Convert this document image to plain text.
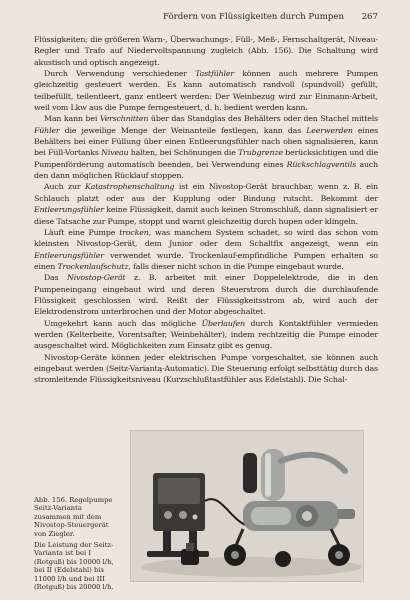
Fördern von Flüssigkeiten durch Pumpen 267

Flüssigkeiten; die größeren Warn-, Überwachungs-, Füll-, Meß-, Fernschaltgerät, Niveau-Regler und Trafo auf Niedervoltspannung zugleich (Abb. 156). Die Schaltung wird akustisch und optisch angezeigt.

Durch Verwendung verschiedener Tastfühler können auch mehrere Pumpen gleichzeitig gesteuert werden. Es kann automatisch randvoll (spundvoll) gefüllt, teilbefüllt, teilentleert, ganz entleert werden: Der Weinbezug wird zur Einmann-Arbeit, weil vom Lkw aus die Pumpe ferngesteuert, d. h. bedient werden kann.

Man kann bei Verschnitten über das Standglas des Behälters oder den Stachel mittels Fühler die jeweilige Menge der Weinanteile festlegen, kann das Leerwerden eines Behälters bei einer Füllung über einen Entleerungsfühler nach oben signalisieren, kann bei Füll-Vortanks Niveau halten, bei Schönungen die Trubgrenze berücksichtigen und die Pumpenförderung automatisch beenden, bei Verwendung eines Rückschlagventils auch den dann möglichen Rücklauf stoppen.

Auch zur Katastrophenschaltung ist ein Nivostop-Gerät brauchbar, wenn z. B. ein Schlauch platzt oder aus der Kupplung oder Bindung rutscht. Bekommt der Entleerungsfühler keine Flüssigkeit, damit auch keinen Stromschluß, dann signalisiert er diese Tatsache zur Pumpe, stoppt und warnt gleichzeitig durch hupen oder klingeln.

Läuft eine Pumpe trocken, was manchem System schadet, so wird das schon vom kleinsten Nivostop-Gerät, dem Junior oder dem Schaltfix angezeigt, wenn ein Entleerungsfühler verwendet wurde. Trockenlauf-empfindliche Pumpen erhalten so einen Trockenlaufschutz, falls dieser nicht schon in die Pumpe eingebaut wurde.

Das Nivostop-Gerät z. B. arbeitet mit einer Doppelelektrode, die in den Pumpeneingang eingebaut wird und deren Steuerstrom durch die durchlaufende Flüssigkeit geschlossen wird. Reißt der Flüssigkeitsstrom ab, wird auch der Elektrodenstrom unterbrochen und der Motor abgeschaltet.

Umgekehrt kann auch das mögliche Überlaufen durch Kontaktfühler vermieden werden (Kelterbeite, Vorentsafter, Weinbehälter), indem rechtzeitig die Pumpe einoder ausgeschaltet wird. Möglichkeiten zum Einsatz gibt es genug.

Nivostop-Geräte können jeder elektrischen Pumpe vorgeschaltet, sie können auch eingebaut werden (Seitz-Varianta-Automatic). Die Steuerung erfolgt selbsttätig durch das stromleitende Flüssigkeitsniveau (Kurzschlußtastfühler aus Edelstahl). Die Schal-

Abb. 156. Regelpumpe Seitz-Varianta zusammen mit dem Nivostop-Steuergerät von Ziegler.

Die Leistung der Seitz-Varianta ist bei I (Rotguß) bis 10000 l/h, bei II (Edelstahl) bis 11000 l/h und bei III (Rotguß) bis 20000 l/h.
